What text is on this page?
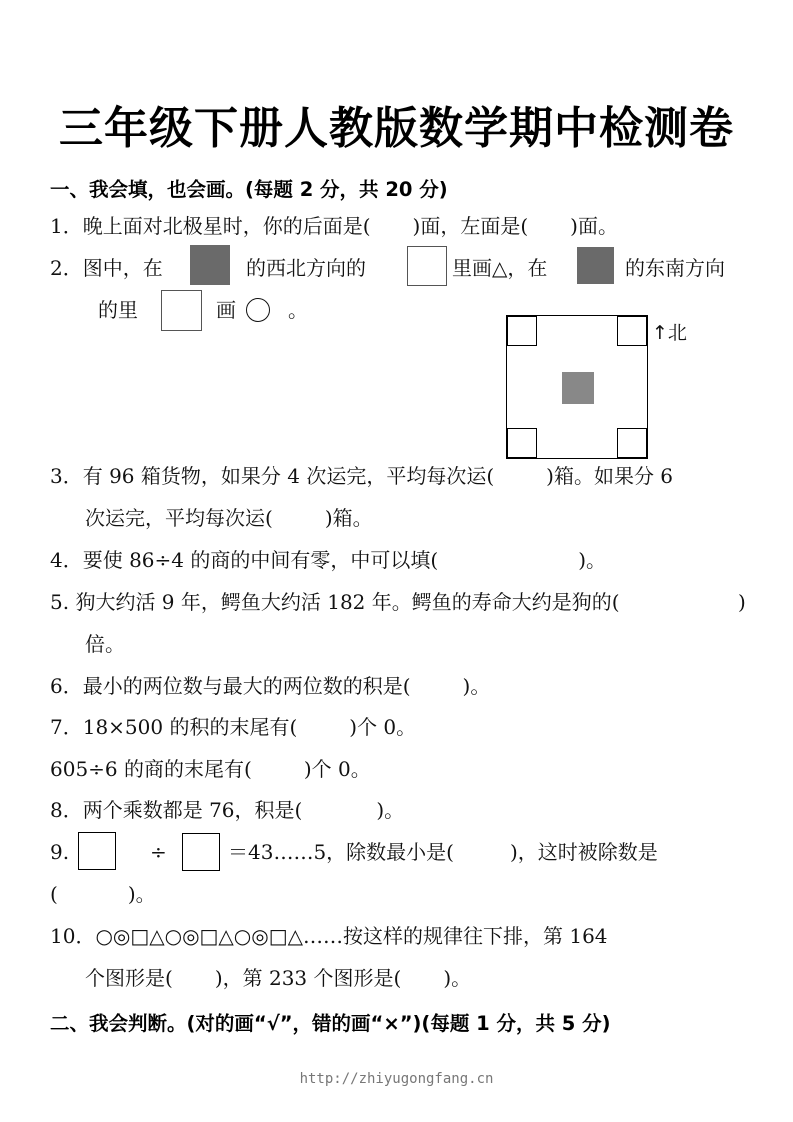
三年级下册人教版数学期中检测卷
一、我会填，也会画。(每题 2 分，共 20 分)
1．晚上面对北极星时，你的后面是( )面，左面是( )面。
2．图中，在	的西北方向的	里画△，在	的东南方向
的里	画	。
↑北
3．有 96 箱货物，如果分 4 次运完，平均每次运(	)箱。如果分 6
次运完，平均每次运(	)箱。
4．要使 86÷4 的商的中间有零，中可以填(	)。
5. 狗大约活 9 年，鳄鱼大约活 182 年。鳄鱼的寿命大约是狗的(	)
倍。
6．最小的两位数与最大的两位数的积是(	)。
7．18×500 的积的末尾有(	)个 0。
605÷6 的商的末尾有(	)个 0。
8．两个乘数都是 76，积是(	)。
9.	÷	＝43……5，除数最小是(	)，这时被除数是
(	)。
10．○◎□△○◎□△○◎□△……按这样的规律往下排，第 164
个图形是( )，第 233 个图形是( )。
二、我会判断。(对的画“√”，错的画“×”)(每题 1 分，共 5 分)
http://zhiyugongfang.cn
